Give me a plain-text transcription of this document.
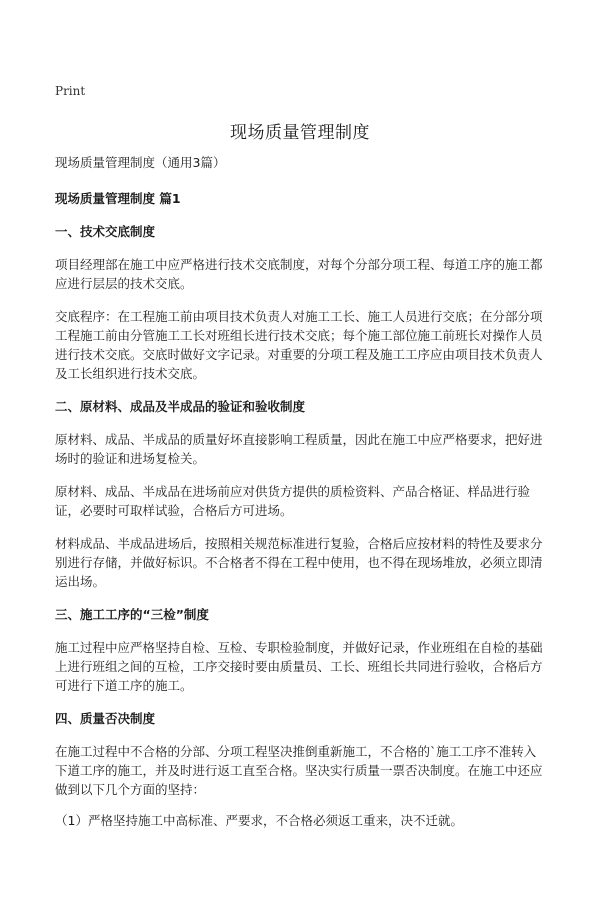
Print
现场质量管理制度

现场质量管理制度（通用3篇）

现场质量管理制度 篇1

一、技术交底制度

项目经理部在施工中应严格进行技术交底制度，对每个分部分项工程、每道工序的施工都应进行层层的技术交底。

交底程序：在工程施工前由项目技术负责人对施工工长、施工人员进行交底；在分部分项工程施工前由分管施工工长对班组长进行技术交底；每个施工部位施工前班长对操作人员进行技术交底。交底时做好文字记录。对重要的分项工程及施工工序应由项目技术负责人及工长组织进行技术交底。

二、原材料、成品及半成品的验证和验收制度

原材料、成品、半成品的质量好坏直接影响工程质量，因此在施工中应严格要求，把好进场时的验证和进场复检关。

原材料、成品、半成品在进场前应对供货方提供的质检资料、产品合格证、样品进行验证，必要时可取样试验，合格后方可进场。

材料成品、半成品进场后，按照相关规范标准进行复验，合格后应按材料的特性及要求分别进行存储，并做好标识。不合格者不得在工程中使用，也不得在现场堆放，必须立即清运出场。

三、施工工序的“三检”制度

施工过程中应严格坚持自检、互检、专职检验制度，并做好记录，作业班组在自检的基础上进行班组之间的互检，工序交接时要由质量员、工长、班组长共同进行验收，合格后方可进行下道工序的施工。

四、质量否决制度

在施工过程中不合格的分部、分项工程坚决推倒重新施工，不合格的`施工工序不准转入下道工序的施工，并及时进行返工直至合格。坚决实行质量一票否决制度。在施工中还应做到以下几个方面的坚持：

（1）严格坚持施工中高标准、严要求，不合格必须返工重来，决不迁就。
